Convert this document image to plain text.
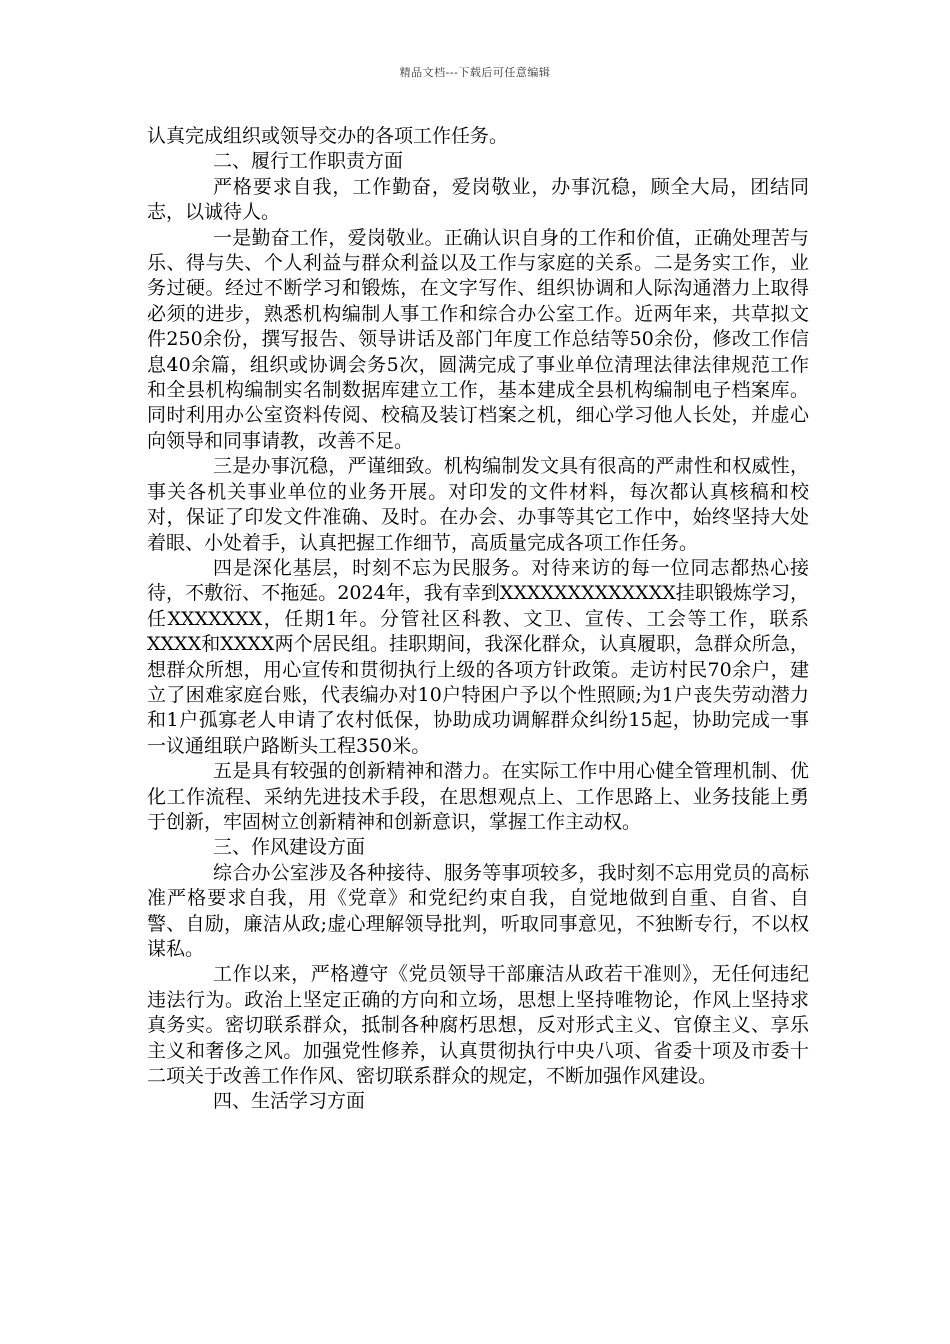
精品文档---下载后可任意编辑

认真完成组织或领导交办的各项工作任务。

二、履行工作职责方面

严格要求自我，工作勤奋，爱岗敬业，办事沉稳，顾全大局，团结同志，以诚待人。

一是勤奋工作，爱岗敬业。正确认识自身的工作和价值，正确处理苦与乐、得与失、个人利益与群众利益以及工作与家庭的关系。二是务实工作，业务过硬。经过不断学习和锻炼，在文字写作、组织协调和人际沟通潜力上取得必须的进步，熟悉机构编制人事工作和综合办公室工作。近两年来，共草拟文件250余份，撰写报告、领导讲话及部门年度工作总结等50余份，修改工作信息40余篇，组织或协调会务5次，圆满完成了事业单位清理法律法律规范工作和全县机构编制实名制数据库建立工作，基本建成全县机构编制电子档案库。同时利用办公室资料传阅、校稿及装订档案之机，细心学习他人长处，并虚心向领导和同事请教，改善不足。

三是办事沉稳，严谨细致。机构编制发文具有很高的严肃性和权威性，事关各机关事业单位的业务开展。对印发的文件材料，每次都认真核稿和校对，保证了印发文件准确、及时。在办会、办事等其它工作中，始终坚持大处着眼、小处着手，认真把握工作细节，高质量完成各项工作任务。

四是深化基层，时刻不忘为民服务。对待来访的每一位同志都热心接待，不敷衍、不拖延。2024年，我有幸到XXXXXXXXXXXXX挂职锻炼学习，任XXXXXXX，任期1年。分管社区科教、文卫、宣传、工会等工作，联系XXXX和XXXX两个居民组。挂职期间，我深化群众，认真履职，急群众所急，想群众所想，用心宣传和贯彻执行上级的各项方针政策。走访村民70余户，建立了困难家庭台账，代表编办对10户特困户予以个性照顾;为1户丧失劳动潜力和1户孤寡老人申请了农村低保，协助成功调解群众纠纷15起，协助完成一事一议通组联户路断头工程350米。

五是具有较强的创新精神和潜力。在实际工作中用心健全管理机制、优化工作流程、采纳先进技术手段，在思想观点上、工作思路上、业务技能上勇于创新，牢固树立创新精神和创新意识，掌握工作主动权。

三、作风建设方面

综合办公室涉及各种接待、服务等事项较多，我时刻不忘用党员的高标准严格要求自我，用《党章》和党纪约束自我，自觉地做到自重、自省、自警、自励，廉洁从政;虚心理解领导批判，听取同事意见，不独断专行，不以权谋私。

工作以来，严格遵守《党员领导干部廉洁从政若干准则》，无任何违纪违法行为。政治上坚定正确的方向和立场，思想上坚持唯物论，作风上坚持求真务实。密切联系群众，抵制各种腐朽思想，反对形式主义、官僚主义、享乐主义和奢侈之风。加强党性修养，认真贯彻执行中央八项、省委十项及市委十二项关于改善工作作风、密切联系群众的规定，不断加强作风建设。

四、生活学习方面
